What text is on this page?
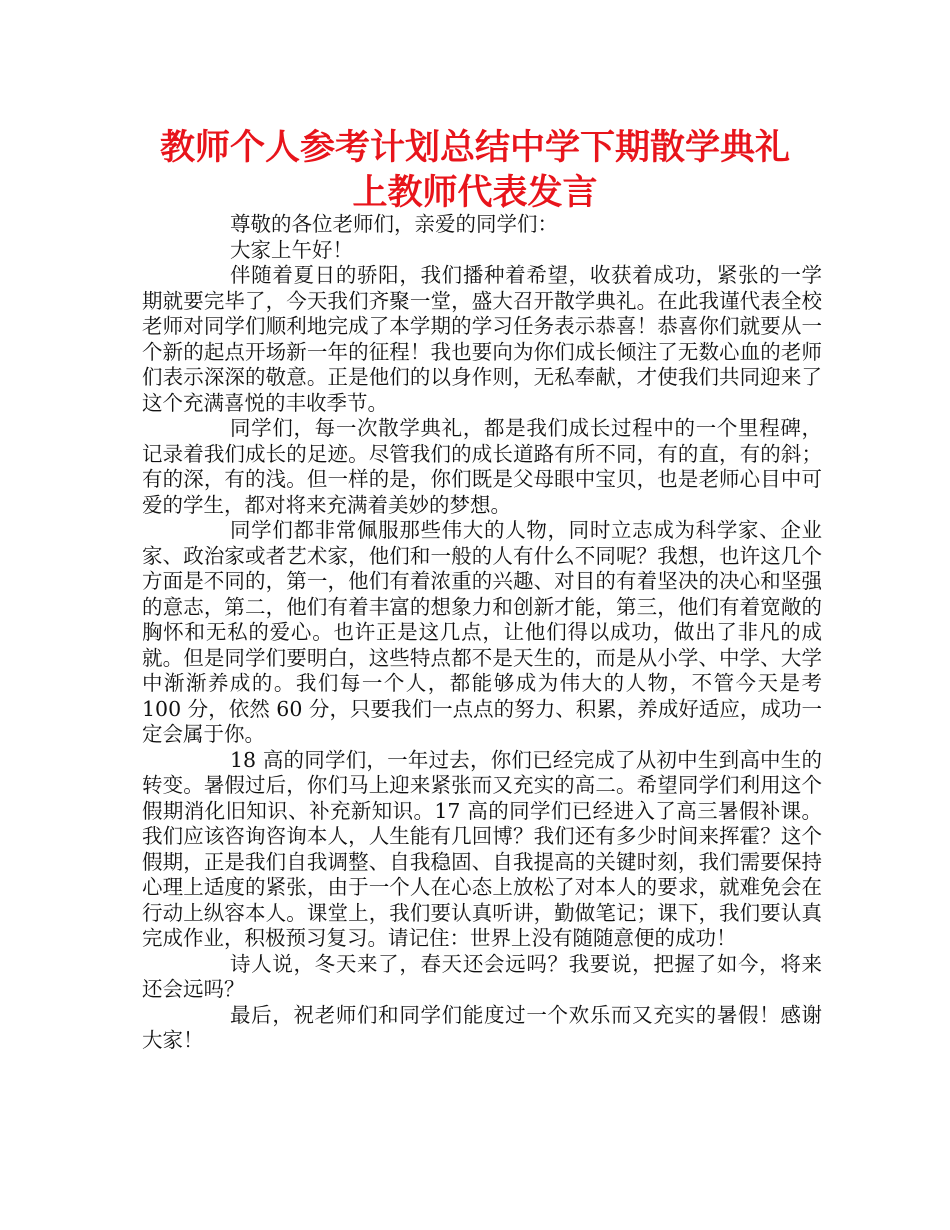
教师个人参考计划总结中学下期散学典礼
上教师代表发言

尊敬的各位老师们，亲爱的同学们：

大家上午好！

伴随着夏日的骄阳，我们播种着希望，收获着成功，紧张的一学期就要完毕了，今天我们齐聚一堂，盛大召开散学典礼。在此我谨代表全校老师对同学们顺利地完成了本学期的学习任务表示恭喜！恭喜你们就要从一个新的起点开场新一年的征程！我也要向为你们成长倾注了无数心血的老师们表示深深的敬意。正是他们的以身作则，无私奉献，才使我们共同迎来了这个充满喜悦的丰收季节。

同学们，每一次散学典礼，都是我们成长过程中的一个里程碑，记录着我们成长的足迹。尽管我们的成长道路有所不同，有的直，有的斜；有的深，有的浅。但一样的是，你们既是父母眼中宝贝，也是老师心目中可爱的学生，都对将来充满着美妙的梦想。

同学们都非常佩服那些伟大的人物，同时立志成为科学家、企业家、政治家或者艺术家，他们和一般的人有什么不同呢？我想，也许这几个方面是不同的，第一，他们有着浓重的兴趣、对目的有着坚决的决心和坚强的意志，第二，他们有着丰富的想象力和创新才能，第三，他们有着宽敞的胸怀和无私的爱心。也许正是这几点，让他们得以成功，做出了非凡的成就。但是同学们要明白，这些特点都不是天生的，而是从小学、中学、大学中渐渐养成的。我们每一个人，都能够成为伟大的人物，不管今天是考 100 分，依然 60 分，只要我们一点点的努力、积累，养成好适应，成功一定会属于你。

18 高的同学们，一年过去，你们已经完成了从初中生到高中生的转变。暑假过后，你们马上迎来紧张而又充实的高二。希望同学们利用这个假期消化旧知识、补充新知识。17 高的同学们已经进入了高三暑假补课。我们应该咨询咨询本人，人生能有几回博？我们还有多少时间来挥霍？这个假期，正是我们自我调整、自我稳固、自我提高的关键时刻，我们需要保持心理上适度的紧张，由于一个人在心态上放松了对本人的要求，就难免会在行动上纵容本人。课堂上，我们要认真听讲，勤做笔记；课下，我们要认真完成作业，积极预习复习。请记住：世界上没有随随意便的成功！

诗人说，冬天来了，春天还会远吗？我要说，把握了如今，将来还会远吗？

最后，祝老师们和同学们能度过一个欢乐而又充实的暑假！感谢大家！
